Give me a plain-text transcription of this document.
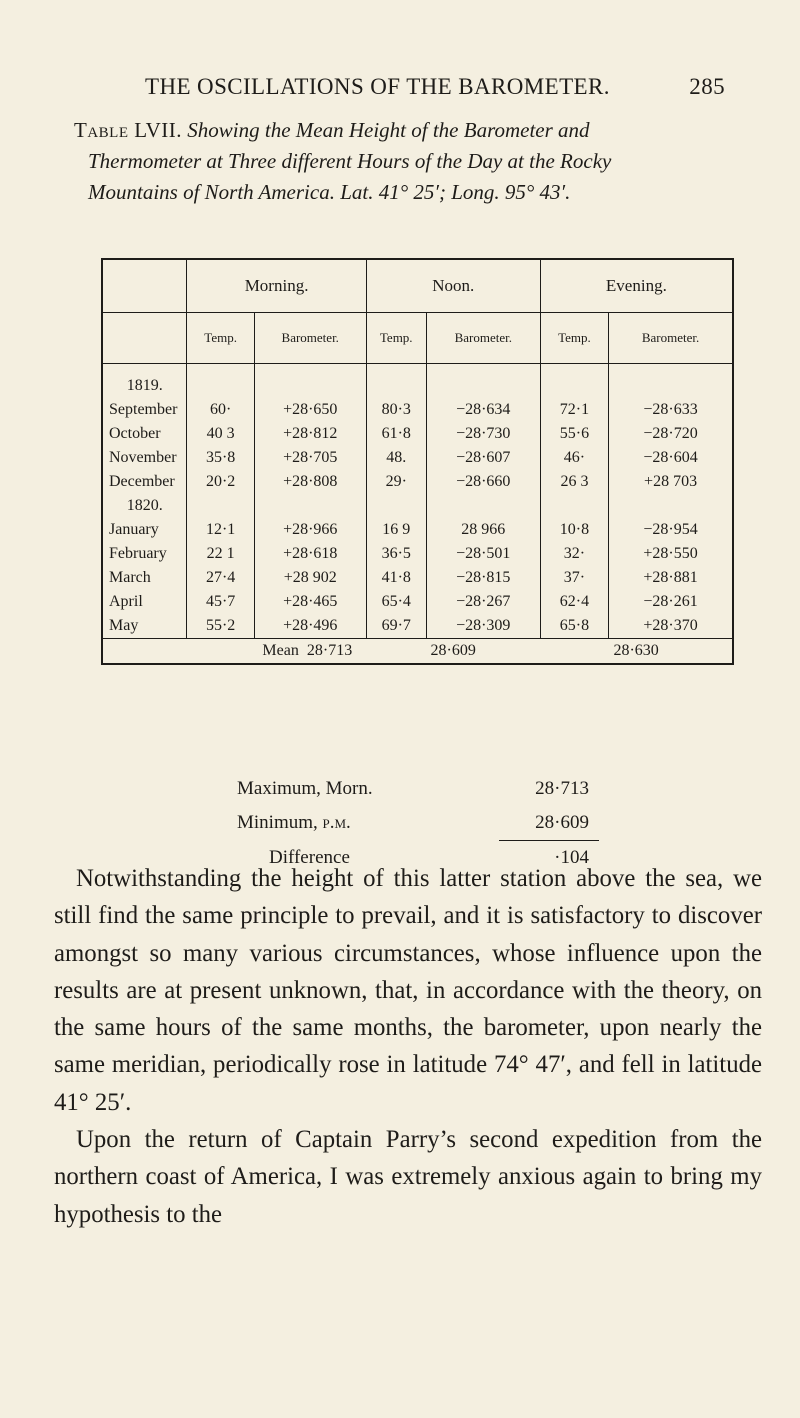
THE OSCILLATIONS OF THE BAROMETER.	285
Table LVII. Showing the Mean Height of the Barometer and
Thermometer at Three different Hours of the Day at the Rocky
Mountains of North America. Lat. 41° 25′; Long. 95° 43′.
	Morning.		Noon.		Evening.	
	Temp.	Barometer.	Temp.	Barometer.	Temp.	Barometer.
1819.						
September	60·	+28·650	80·3	−28·634	72·1	−28·633
October	40 3	+28·812	61·8	−28·730	55·6	−28·720
November	35·8	+28·705	48.	−28·607	46·	−28·604
December	20·2	+28·808	29·	−28·660	26 3	+28 703
1820.						
January	12·1	+28·966	16 9	28 966	10·8	−28·954
February	22 1	+28·618	36·5	−28·501	32·	+28·550
March	27·4	+28 902	41·8	−28·815	37·	+28·881
April	45·7	+28·465	65·4	−28·267	62·4	−28·261
May	55·2	+28·496	69·7	−28·309	65·8	+28·370
Mean 28·713			28·609		28·630	
Maximum, Morn.	28·713
Minimum, p.m.	28·609
Difference	·104

Notwithstanding the height of this latter station above the sea, we still find the same principle to prevail, and it is satisfactory to discover amongst so many various circumstances, whose influence upon the results are at present unknown, that, in accordance with the theory, on the same hours of the same months, the barometer, upon nearly the same meridian, periodically rose in latitude 74° 47′, and fell in latitude 41° 25′.

Upon the return of Captain Parry’s second expedition from the northern coast of America, I was extremely anxious again to bring my hypothesis to the
